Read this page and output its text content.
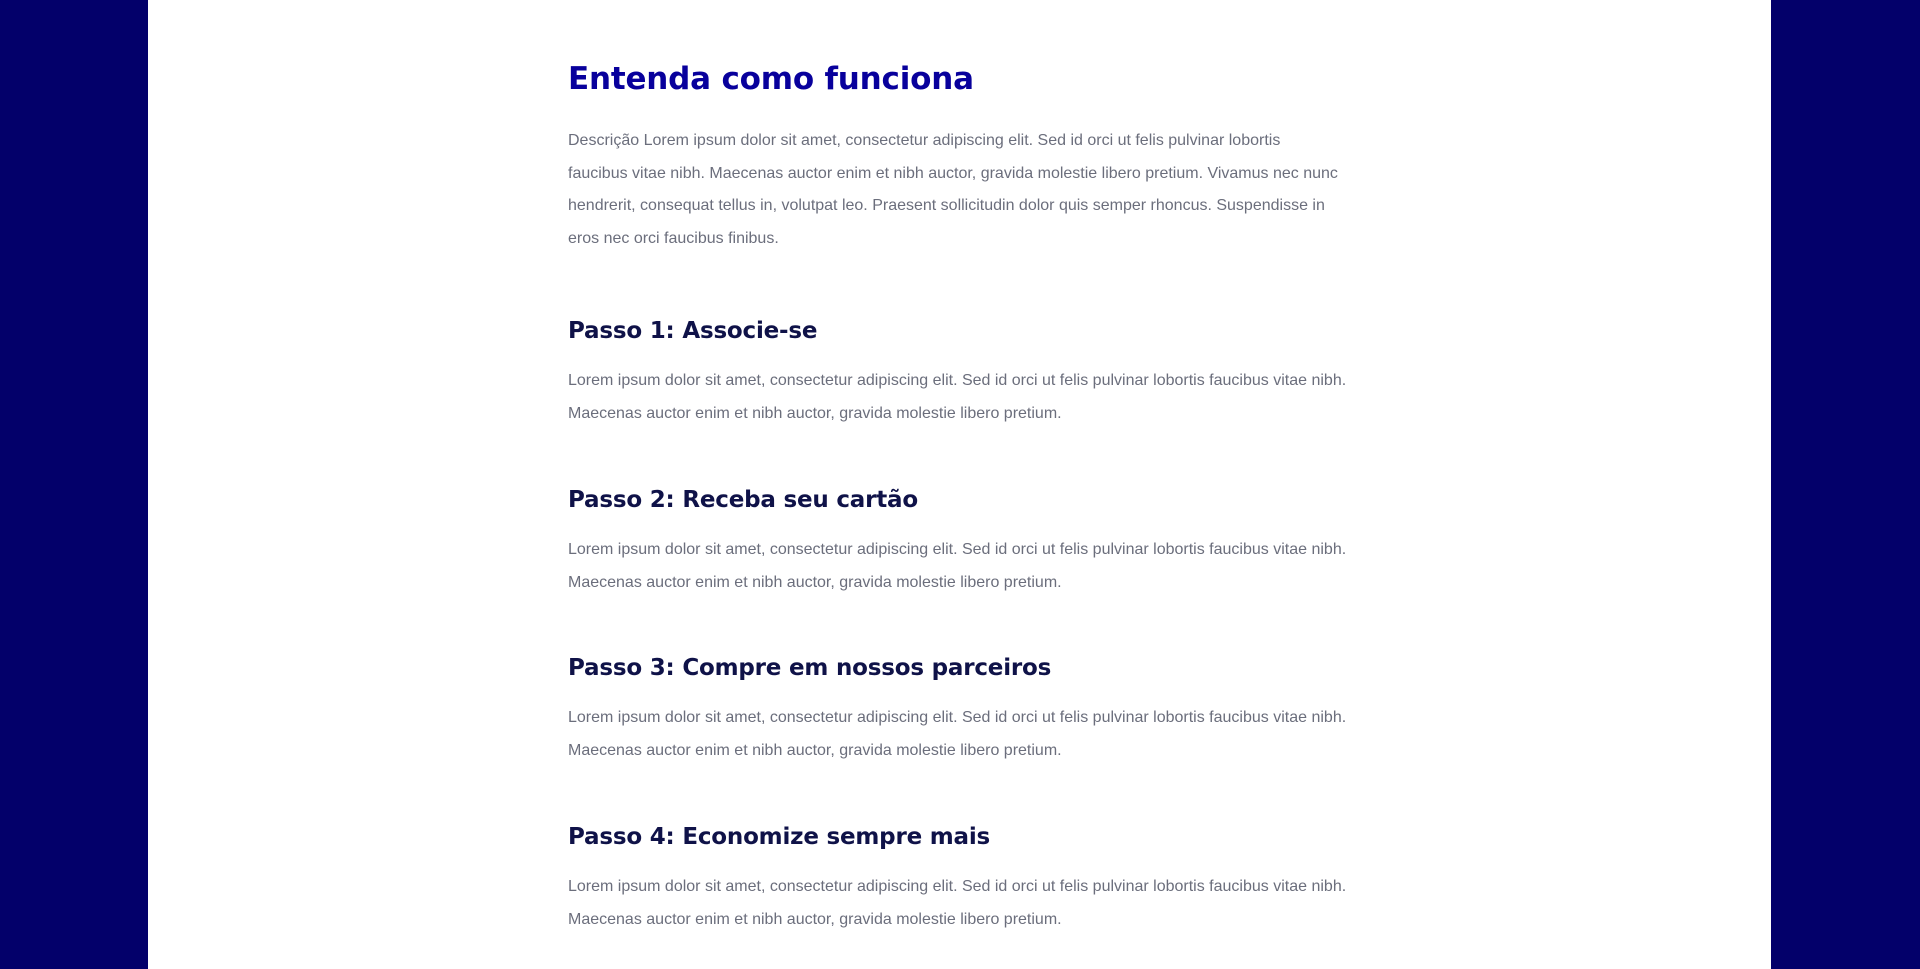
Entenda como funciona

Descrição Lorem ipsum dolor sit amet, consectetur adipiscing elit. Sed id orci ut felis pulvinar lobortis faucibus vitae nibh. Maecenas auctor enim et nibh auctor, gravida molestie libero pretium. Vivamus nec nunc hendrerit, consequat tellus in, volutpat leo. Praesent sollicitudin dolor quis semper rhoncus. Suspendisse in eros nec orci faucibus finibus.

Passo 1: Associe-se

Lorem ipsum dolor sit amet, consectetur adipiscing elit. Sed id orci ut felis pulvinar lobortis faucibus vitae nibh. Maecenas auctor enim et nibh auctor, gravida molestie libero pretium.

Passo 2: Receba seu cartão

Lorem ipsum dolor sit amet, consectetur adipiscing elit. Sed id orci ut felis pulvinar lobortis faucibus vitae nibh. Maecenas auctor enim et nibh auctor, gravida molestie libero pretium.

Passo 3: Compre em nossos parceiros

Lorem ipsum dolor sit amet, consectetur adipiscing elit. Sed id orci ut felis pulvinar lobortis faucibus vitae nibh. Maecenas auctor enim et nibh auctor, gravida molestie libero pretium.

Passo 4: Economize sempre mais

Lorem ipsum dolor sit amet, consectetur adipiscing elit. Sed id orci ut felis pulvinar lobortis faucibus vitae nibh. Maecenas auctor enim et nibh auctor, gravida molestie libero pretium.
